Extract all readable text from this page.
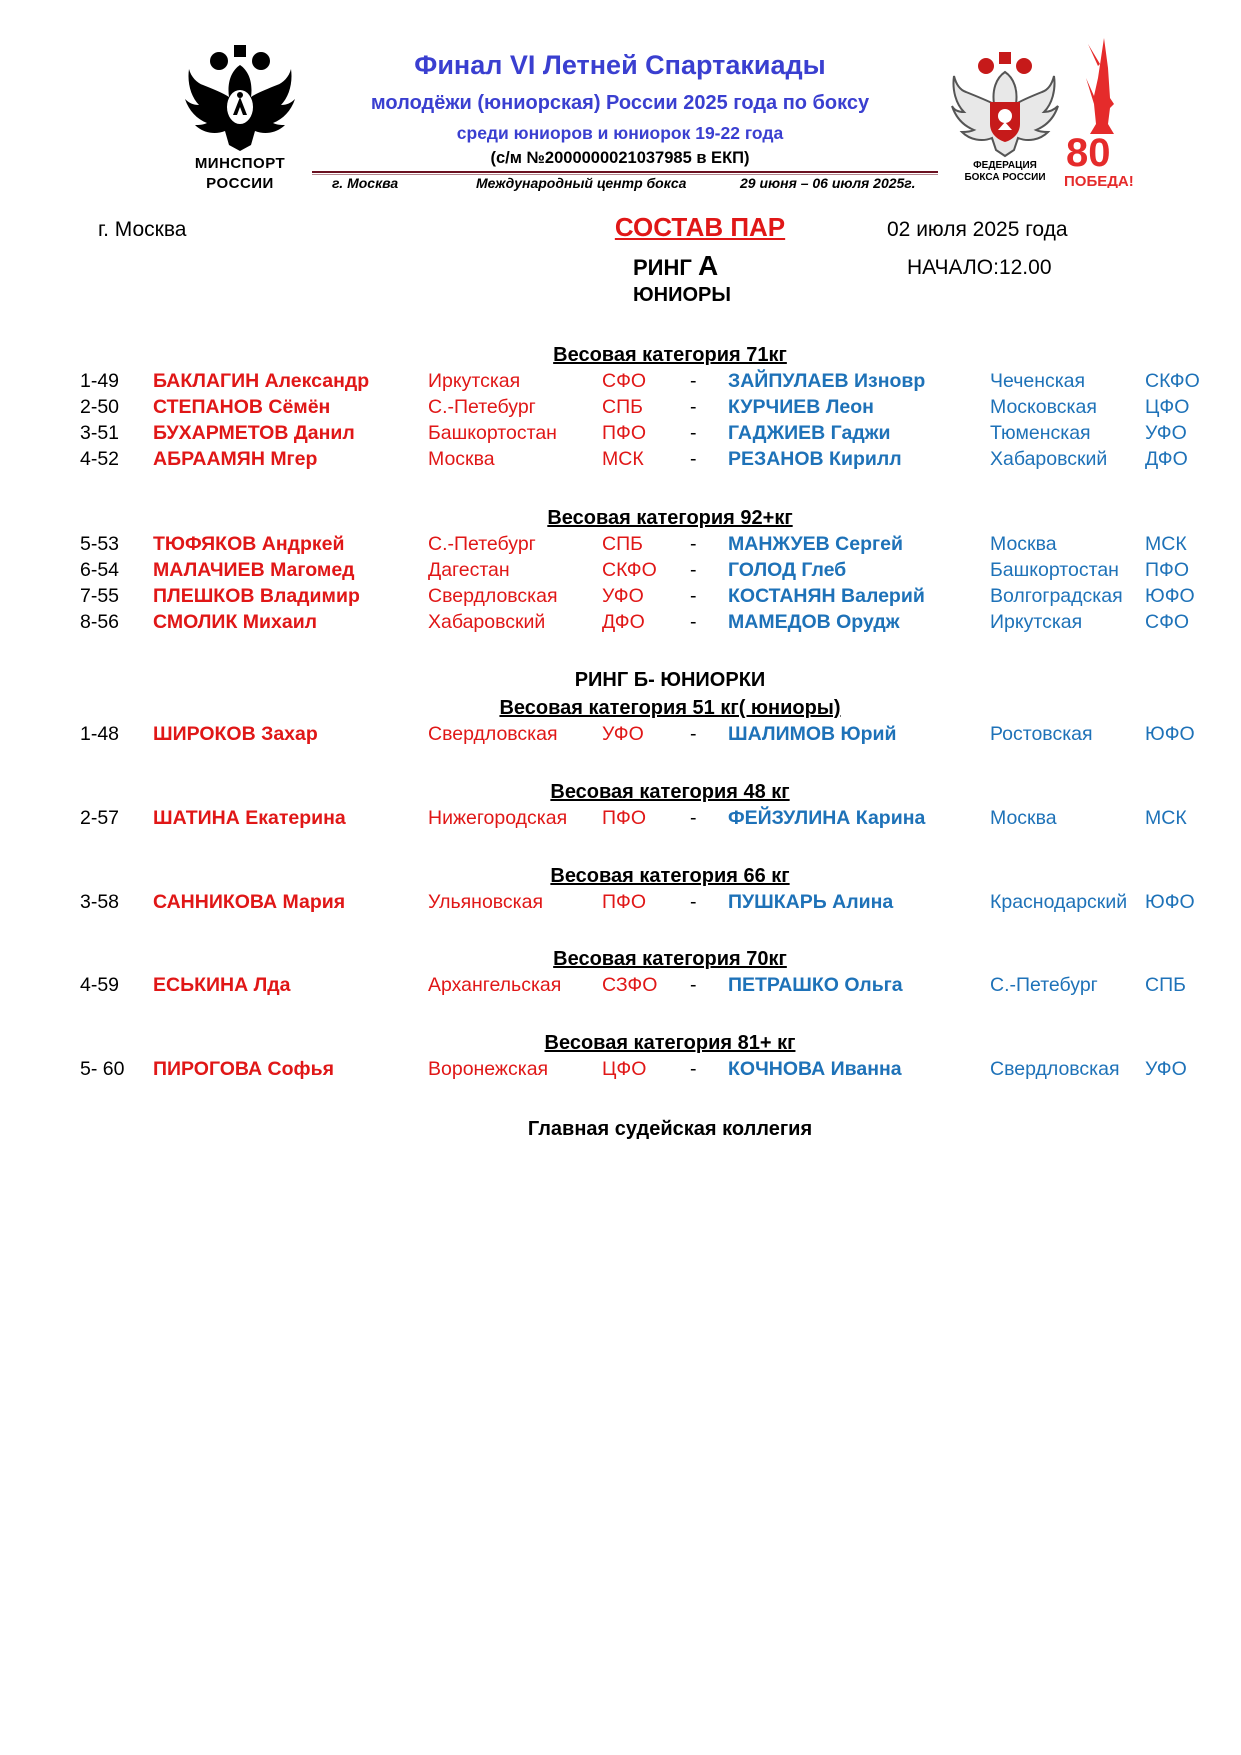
МИНСПОРТ
РОССИИ
Финал VI Летней Спартакиады
молодёжи (юниорская) России 2025 года по боксу
среди юниоров и юниорок 19-22 года
(с/м №2000000021037985 в ЕКП)
г. Москва	Международный центр бокса	29 июня – 06 июля 2025г.
ФЕДЕРАЦИЯ
БОКСА РОССИИ
80
ПОБЕДА!
г. Москва	СОСТАВ ПАР	02 июля 2025 года
РИНГ А	НАЧАЛО:12.00
ЮНИОРЫ
Весовая категория 71кг
1-49 БАКЛАГИН Александр	Иркутская	СФО - ЗАЙПУЛАЕВ Изновр	Чеченская	СКФО
2-50 СТЕПАНОВ Сёмён	С.-Петебург	СПБ - КУРЧИЕВ Леон	Московская ЦФО
3-51 БУХАРМЕТОВ Данил	Башкортостан ПФО - ГАДЖИЕВ Гаджи	Тюменская	УФО
4-52 АБРААМЯН Мгер	Москва	МСК - РЕЗАНОВ Кирилл	Хабаровский ДФО
Весовая категория 92+кг
5-53 ТЮФЯКОВ Андркей	С.-Петебург	СПБ - МАНЖУЕВ Сергей	Москва	МСК
6-54 МАЛАЧИЕВ Магомед	Дагестан	СКФО - ГОЛОД Глеб	Башкортостан ПФО
7-55 ПЛЕШКОВ Владимир	Свердловская УФО - КОСТАНЯН Валерий	Волгоградская ЮФО
8-56 СМОЛИК Михаил	Хабаровский	ДФО - МАМЕДОВ Орудж	Иркутская	СФО
РИНГ Б- ЮНИОРКИ
Весовая категория 51 кг( юниоры)
1-48 ШИРОКОВ Захар	Свердловская УФО - ШАЛИМОВ Юрий	Ростовская	ЮФО
Весовая категория 48 кг
2-57 ШАТИНА Екатерина	Нижегородская ПФО - ФЕЙЗУЛИНА Карина	Москва	МСК
Весовая категория 66 кг
3-58 САННИКОВА Мария	Ульяновская	ПФО - ПУШКАРЬ Алина	Краснодарский ЮФО
Весовая категория 70кг
4-59 ЕСЬКИНА Лда	Архангельская СЗФО - ПЕТРАШКО Ольга	С.-Петебург СПБ
Весовая категория 81+ кг
5- 60 ПИРОГОВА Софья	Воронежская	ЦФО - КОЧНОВА Иванна	Свердловская УФО
Главная судейская коллегия
